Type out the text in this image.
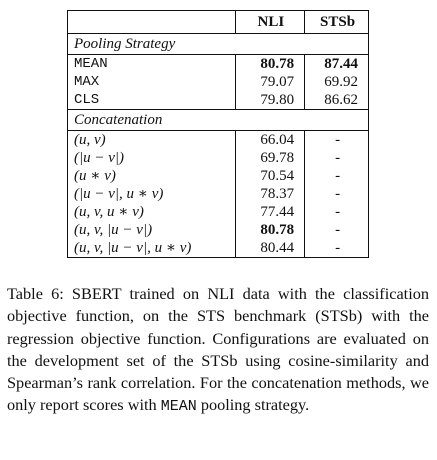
	NLI	STSb
Pooling Strategy		
MEAN	80.78	87.44
MAX	79.07	69.92
CLS	79.80	86.62
Concatenation		
(u, v)	66.04	-
(|u − v|)	69.78	-
(u ∗ v)	70.54	-
(|u − v|, u ∗ v)	78.37	-
(u, v, u ∗ v)	77.44	-
(u, v, |u − v|)	80.78	-
(u, v, |u − v|, u ∗ v)	80.44	-
Table 6: SBERT trained on NLI data with the classification objective function, on the STS benchmark (STSb) with the regression objective function. Configurations are evaluated on the development set of the STSb using cosine-similarity and Spearman’s rank correlation. For the concatenation methods, we only report scores with MEAN pooling strategy.
